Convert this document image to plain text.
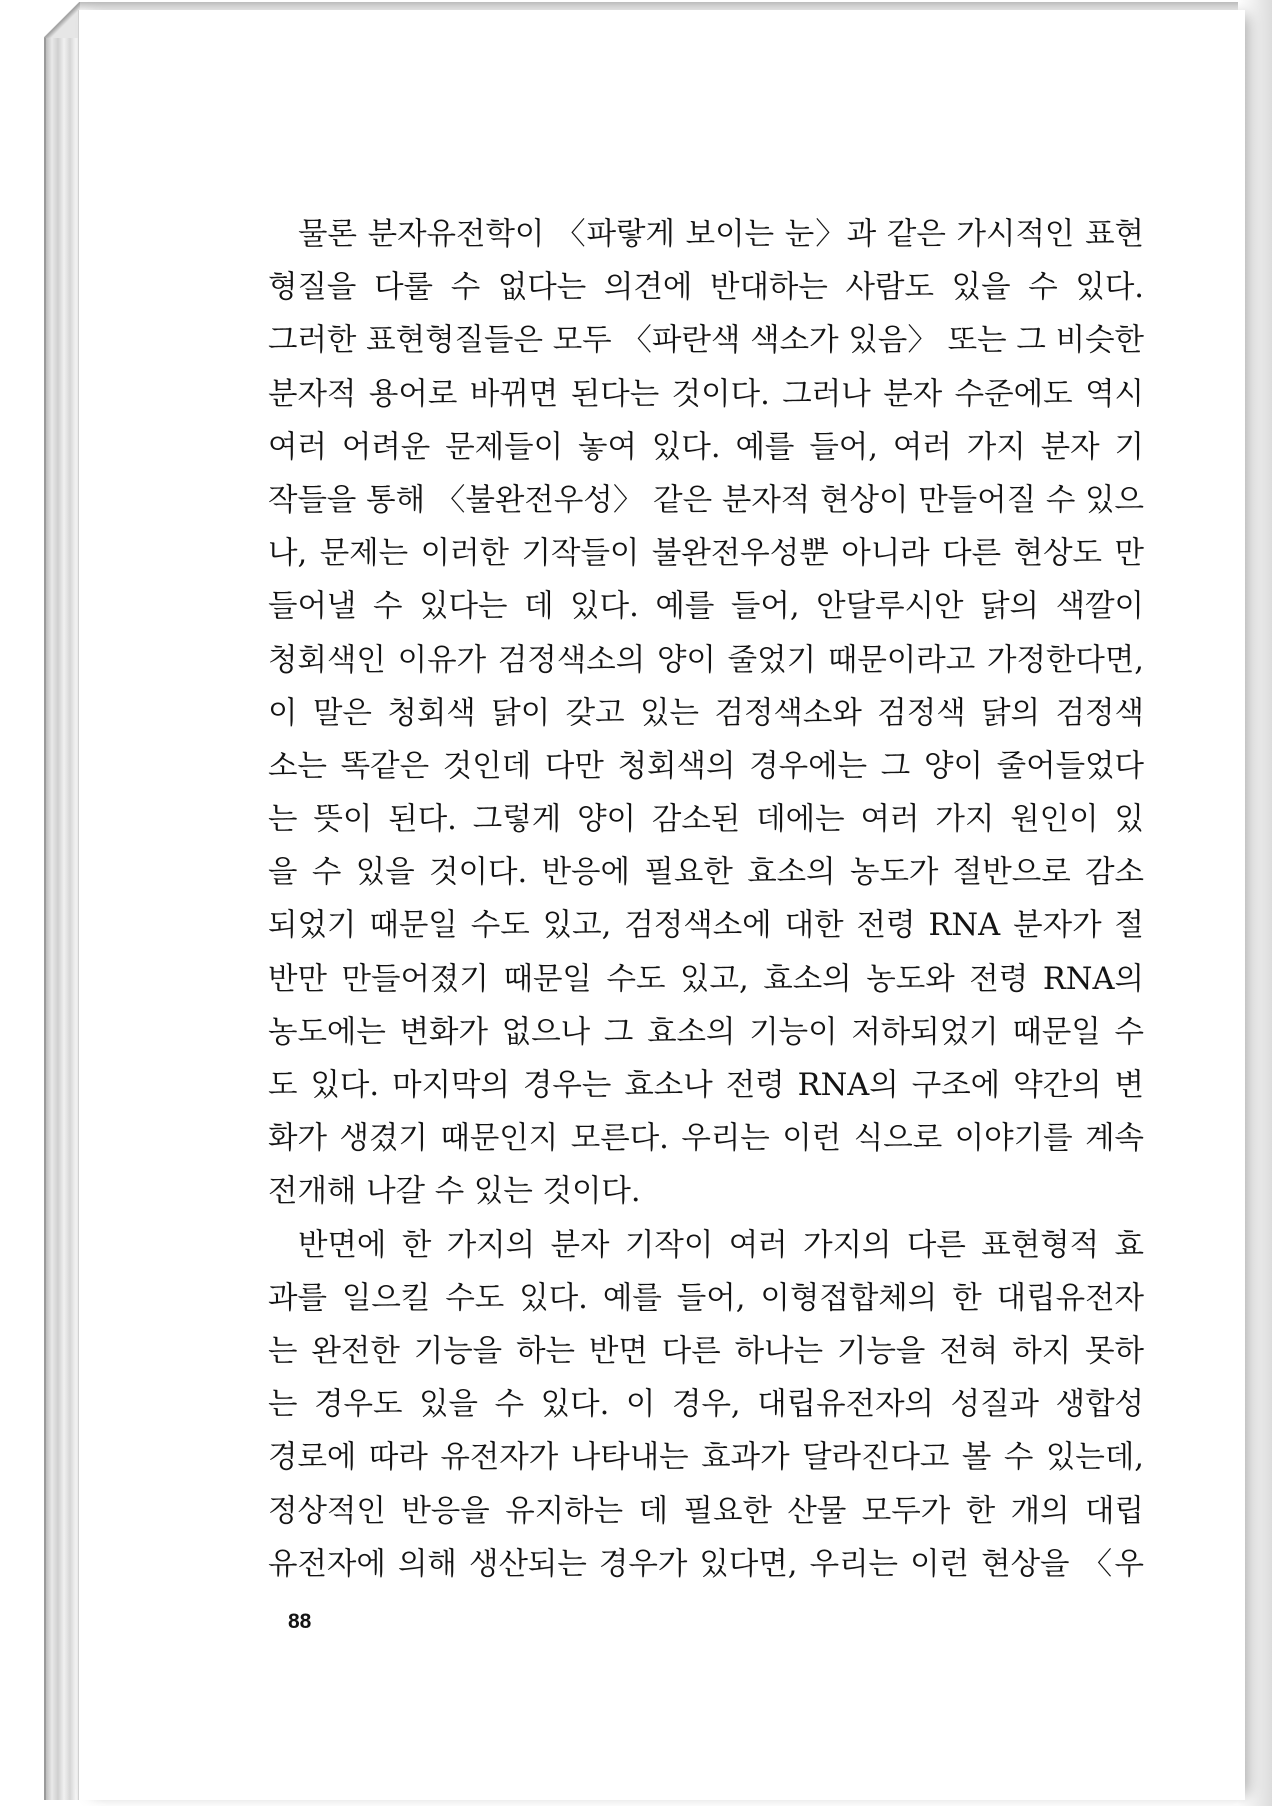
물론 분자유전학이 〈파랗게 보이는 눈〉과 같은 가시적인 표현
형질을 다룰 수 없다는 의견에 반대하는 사람도 있을 수 있다.
그러한 표현형질들은 모두 〈파란색 색소가 있음〉 또는 그 비슷한
분자적 용어로 바뀌면 된다는 것이다. 그러나 분자 수준에도 역시
여러 어려운 문제들이 놓여 있다. 예를 들어, 여러 가지 분자 기
작들을 통해 〈불완전우성〉 같은 분자적 현상이 만들어질 수 있으
나, 문제는 이러한 기작들이 불완전우성뿐 아니라 다른 현상도 만
들어낼 수 있다는 데 있다. 예를 들어, 안달루시안 닭의 색깔이
청회색인 이유가 검정색소의 양이 줄었기 때문이라고 가정한다면,
이 말은 청회색 닭이 갖고 있는 검정색소와 검정색 닭의 검정색
소는 똑같은 것인데 다만 청회색의 경우에는 그 양이 줄어들었다
는 뜻이 된다. 그렇게 양이 감소된 데에는 여러 가지 원인이 있
을 수 있을 것이다. 반응에 필요한 효소의 농도가 절반으로 감소
되었기 때문일 수도 있고, 검정색소에 대한 전령 RNA 분자가 절
반만 만들어졌기 때문일 수도 있고, 효소의 농도와 전령 RNA의
농도에는 변화가 없으나 그 효소의 기능이 저하되었기 때문일 수
도 있다. 마지막의 경우는 효소나 전령 RNA의 구조에 약간의 변
화가 생겼기 때문인지 모른다. 우리는 이런 식으로 이야기를 계속
전개해 나갈 수 있는 것이다.
반면에 한 가지의 분자 기작이 여러 가지의 다른 표현형적 효
과를 일으킬 수도 있다. 예를 들어, 이형접합체의 한 대립유전자
는 완전한 기능을 하는 반면 다른 하나는 기능을 전혀 하지 못하
는 경우도 있을 수 있다. 이 경우, 대립유전자의 성질과 생합성
경로에 따라 유전자가 나타내는 효과가 달라진다고 볼 수 있는데,
정상적인 반응을 유지하는 데 필요한 산물 모두가 한 개의 대립
유전자에 의해 생산되는 경우가 있다면, 우리는 이런 현상을 〈우
88
